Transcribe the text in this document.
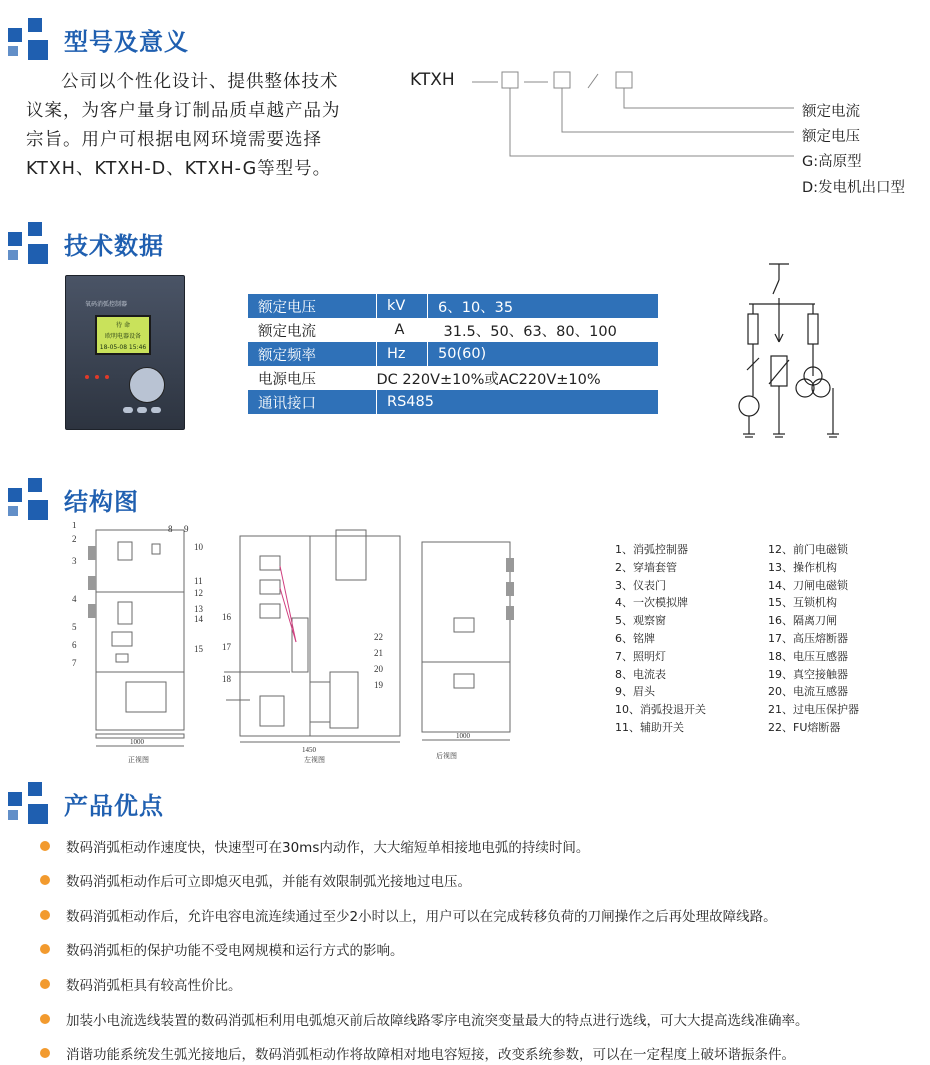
型号及意义

公司以个性化设计、提供整体技术

议案，为客户量身订制品质卓越产品为

宗旨。用户可根据电网环境需要选择

KTXH、KTXH-D、KTXH-G等型号。

KTXH
额定电流
额定电压
G:高原型
D:发电机出口型
技术数据
氧码消弧控制器
待 命
欧明电器设备
18-05-08 15:46
额定电压	kV	6、10、35
额定电流	A	31.5、50、63、80、100
额定频率	Hz	50(60)
电源电压	DC 220V±10%或AC220V±10%	
通讯接口	RS485	
结构图
1
2
3
4
5
6
7
8 9
10
11
12
13
14
15
1000
正视图
16
17
18
22
21
20
19
1450
左视图
1000
后视图
1、消弧控制器
2、穿墙套管
3、仪表门
4、一次模拟牌
5、观察窗
6、铭牌
7、照明灯
8、电流表
9、眉头
10、消弧投退开关
11、辅助开关
12、前门电磁锁
13、操作机构
14、刀闸电磁锁
15、互锁机构
16、隔离刀闸
17、高压熔断器
18、电压互感器
19、真空接触器
20、电流互感器
21、过电压保护器
22、FU熔断器
产品优点
数码消弧柜动作速度快，快速型可在30ms内动作，大大缩短单相接地电弧的持续时间。
数码消弧柜动作后可立即熄灭电弧，并能有效限制弧光接地过电压。
数码消弧柜动作后，允许电容电流连续通过至少2小时以上，用户可以在完成转移负荷的刀闸操作之后再处理故障线路。
数码消弧柜的保护功能不受电网规模和运行方式的影响。
数码消弧柜具有较高性价比。
加装小电流选线装置的数码消弧柜利用电弧熄灭前后故障线路零序电流突变量最大的特点进行选线，可大大提高选线准确率。
消谐功能系统发生弧光接地后，数码消弧柜动作将故障相对地电容短接，改变系统参数，可以在一定程度上破坏谐振条件。
